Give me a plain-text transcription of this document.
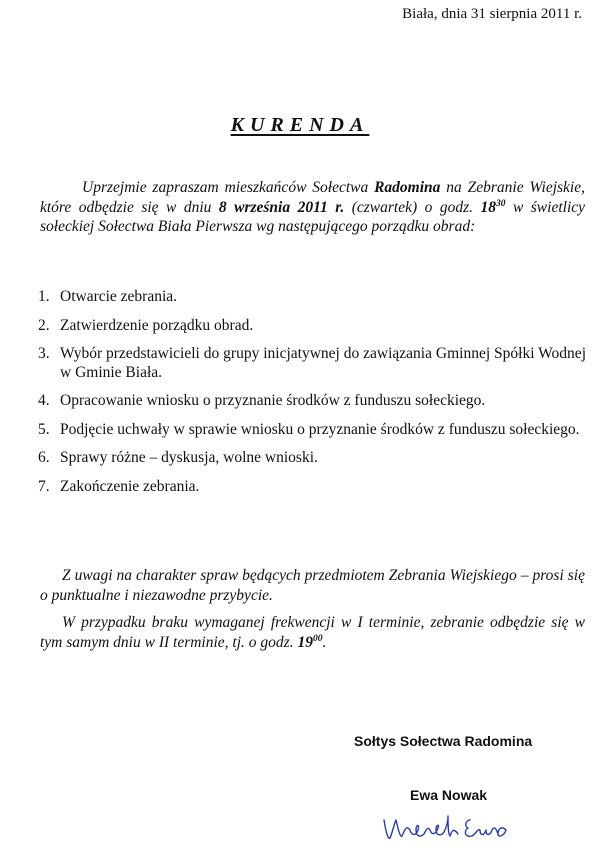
Biała, dnia 31 sierpnia 2011 r.
KURENDA
Uprzejmie zapraszam mieszkańców Sołectwa Radomina na Zebranie Wiejskie, które odbędzie się w dniu 8 września 2011 r. (czwartek) o godz. $18^{30}$ w świetlicy sołeckiej Sołectwa Biała Pierwsza wg następującego porządku obrad:
1. Otwarcie zebrania.
2. Zatwierdzenie porządku obrad.
3. Wybór przedstawicieli do grupy inicjatywnej do zawiązania Gminnej Spółki Wodnej w Gminie Biała.
4. Opracowanie wniosku o przyznanie środków z funduszu sołeckiego.
5. Podjęcie uchwały w sprawie wniosku o przyznanie środków z funduszu sołeckiego.
6. Sprawy różne – dyskusja, wolne wnioski.
7. Zakończenie zebrania.
Z uwagi na charakter spraw będących przedmiotem Zebrania Wiejskiego – prosi się o punktualne i niezawodne przybycie.
W przypadku braku wymaganej frekwencji w I terminie, zebranie odbędzie się w tym samym dniu w II terminie, tj. o godz. $19^{00}$.
Sołtys Sołectwa Radomina
Ewa Nowak
